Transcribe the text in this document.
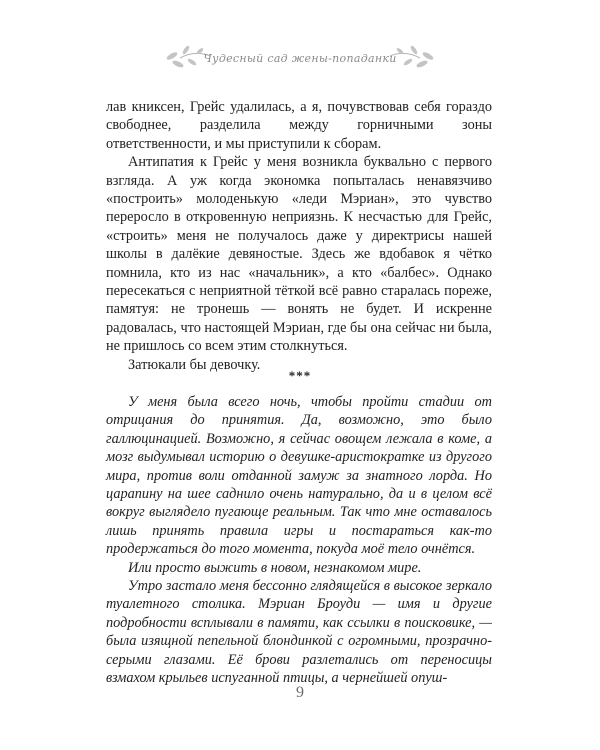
Чудесный сад жены-попаданки

лав книксен, Грейс удалилась, а я, почувствовав себя гораздо свободнее, разделила между горничными зоны ответственности, и мы приступили к сборам.

Антипатия к Грейс у меня возникла буквально с первого взгляда. А уж когда экономка попыталась ненавязчиво «построить» молоденькую «леди Мэриан», это чувство переросло в откровенную неприязнь. К несчастью для Грейс, «строить» меня не получалось даже у директрисы нашей школы в далёкие девяностые. Здесь же вдобавок я чётко помнила, кто из нас «начальник», а кто «балбес». Однако пересекаться с неприятной тёткой всё равно старалась пореже, памятуя: не тронешь — вонять не будет. И искренне радовалась, что настоящей Мэриан, где бы она сейчас ни была, не пришлось со всем этим столкнуться.

Затюкали бы девочку.

***

У меня была всего ночь, чтобы пройти стадии от отрицания до принятия. Да, возможно, это было галлюцинацией. Возможно, я сейчас овощем лежала в коме, а мозг выдумывал историю о девушке-аристократке из другого мира, против воли отданной замуж за знатного лорда. Но царапину на шее саднило очень натурально, да и в целом всё вокруг выглядело пугающе реальным. Так что мне оставалось лишь принять правила игры и постараться как-то продержаться до того момента, покуда моё тело очнётся.

Или просто выжить в новом, незнакомом мире.

Утро застало меня бессонно глядящейся в высокое зеркало туалетного столика. Мэриан Броуди — имя и другие подробности всплывали в памяти, как ссылки в поисковике, — была изящной пепельной блондинкой с огромными, прозрачно-серыми глазами. Её брови разлетались от переносицы взмахом крыльев испуганной птицы, а чернейшей опуш-

9
